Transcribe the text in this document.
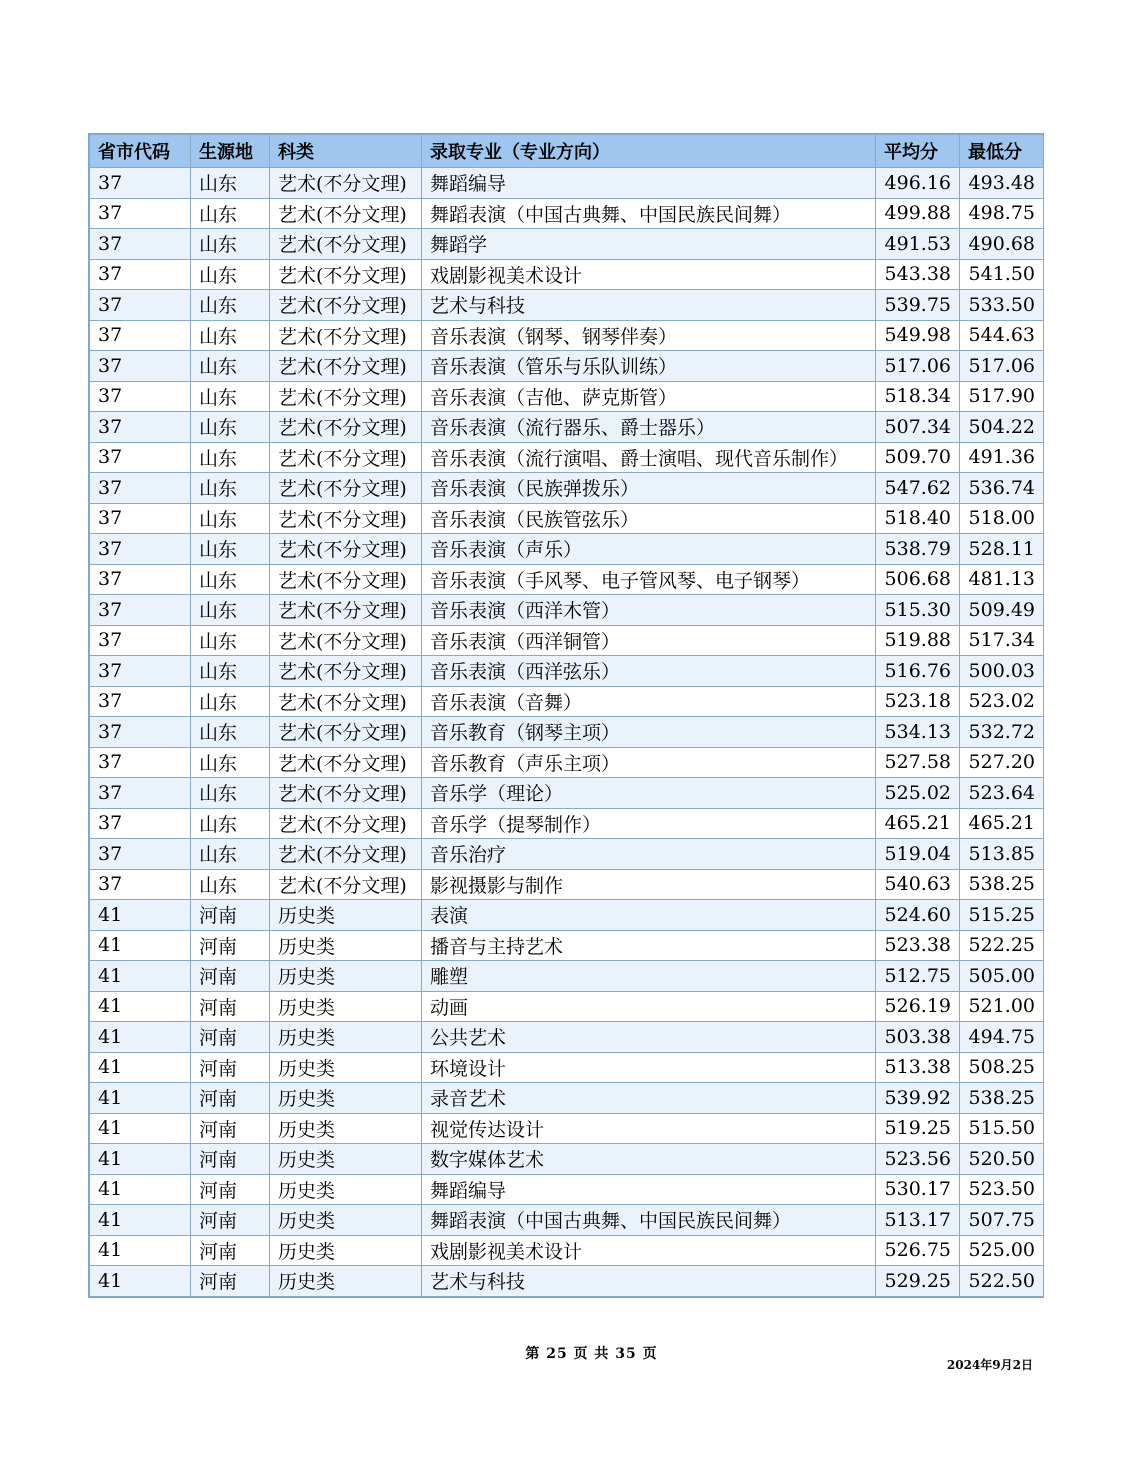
省市代码	生源地	科类	录取专业（专业方向）	平均分	最低分
37	山东	艺术(不分文理)	舞蹈编导	496.16	493.48
37	山东	艺术(不分文理)	舞蹈表演（中国古典舞、中国民族民间舞）	499.88	498.75
37	山东	艺术(不分文理)	舞蹈学	491.53	490.68
37	山东	艺术(不分文理)	戏剧影视美术设计	543.38	541.50
37	山东	艺术(不分文理)	艺术与科技	539.75	533.50
37	山东	艺术(不分文理)	音乐表演（钢琴、钢琴伴奏）	549.98	544.63
37	山东	艺术(不分文理)	音乐表演（管乐与乐队训练）	517.06	517.06
37	山东	艺术(不分文理)	音乐表演（吉他、萨克斯管）	518.34	517.90
37	山东	艺术(不分文理)	音乐表演（流行器乐、爵士器乐）	507.34	504.22
37	山东	艺术(不分文理)	音乐表演（流行演唱、爵士演唱、现代音乐制作）	509.70	491.36
37	山东	艺术(不分文理)	音乐表演（民族弹拨乐）	547.62	536.74
37	山东	艺术(不分文理)	音乐表演（民族管弦乐）	518.40	518.00
37	山东	艺术(不分文理)	音乐表演（声乐）	538.79	528.11
37	山东	艺术(不分文理)	音乐表演（手风琴、电子管风琴、电子钢琴）	506.68	481.13
37	山东	艺术(不分文理)	音乐表演（西洋木管）	515.30	509.49
37	山东	艺术(不分文理)	音乐表演（西洋铜管）	519.88	517.34
37	山东	艺术(不分文理)	音乐表演（西洋弦乐）	516.76	500.03
37	山东	艺术(不分文理)	音乐表演（音舞）	523.18	523.02
37	山东	艺术(不分文理)	音乐教育（钢琴主项）	534.13	532.72
37	山东	艺术(不分文理)	音乐教育（声乐主项）	527.58	527.20
37	山东	艺术(不分文理)	音乐学（理论）	525.02	523.64
37	山东	艺术(不分文理)	音乐学（提琴制作）	465.21	465.21
37	山东	艺术(不分文理)	音乐治疗	519.04	513.85
37	山东	艺术(不分文理)	影视摄影与制作	540.63	538.25
41	河南	历史类	表演	524.60	515.25
41	河南	历史类	播音与主持艺术	523.38	522.25
41	河南	历史类	雕塑	512.75	505.00
41	河南	历史类	动画	526.19	521.00
41	河南	历史类	公共艺术	503.38	494.75
41	河南	历史类	环境设计	513.38	508.25
41	河南	历史类	录音艺术	539.92	538.25
41	河南	历史类	视觉传达设计	519.25	515.50
41	河南	历史类	数字媒体艺术	523.56	520.50
41	河南	历史类	舞蹈编导	530.17	523.50
41	河南	历史类	舞蹈表演（中国古典舞、中国民族民间舞）	513.17	507.75
41	河南	历史类	戏剧影视美术设计	526.75	525.00
41	河南	历史类	艺术与科技	529.25	522.50
第 25 页 共 35 页
2024年9月2日
